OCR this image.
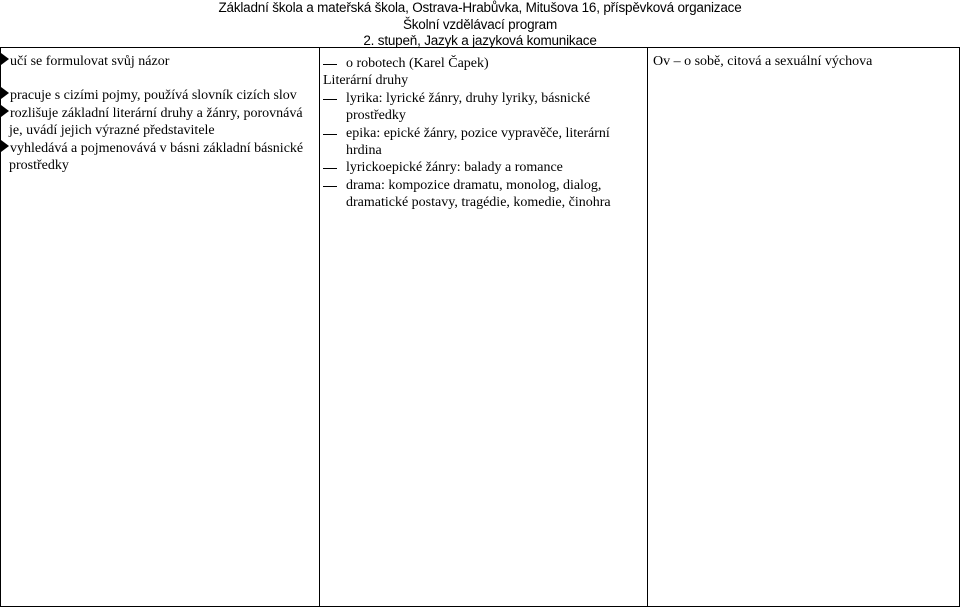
Základní škola a mateřská škola, Ostrava-Hrabůvka, Mitušova 16, příspěvková organizace
Školní vzdělávací program
2. stupeň, Jazyk a jazyková komunikace
učí se formulovat svůj názor
pracuje s cizími pojmy, používá slovník cizích slov
rozlišuje základní literární druhy a žánry, porovnává je, uvádí jejich výrazné představitele
vyhledává a pojmenovává v básni základní básnické prostředky
o robotech (Karel Čapek)
Literární druhy
lyrika: lyrické žánry, druhy lyriky, básnické prostředky
epika: epické žánry, pozice vypravěče, literární hrdina
lyrickoepické žánry: balady a romance
drama: kompozice dramatu, monolog, dialog, dramatické postavy, tragédie, komedie, činohra
Ov – o sobě, citová a sexuální výchova
